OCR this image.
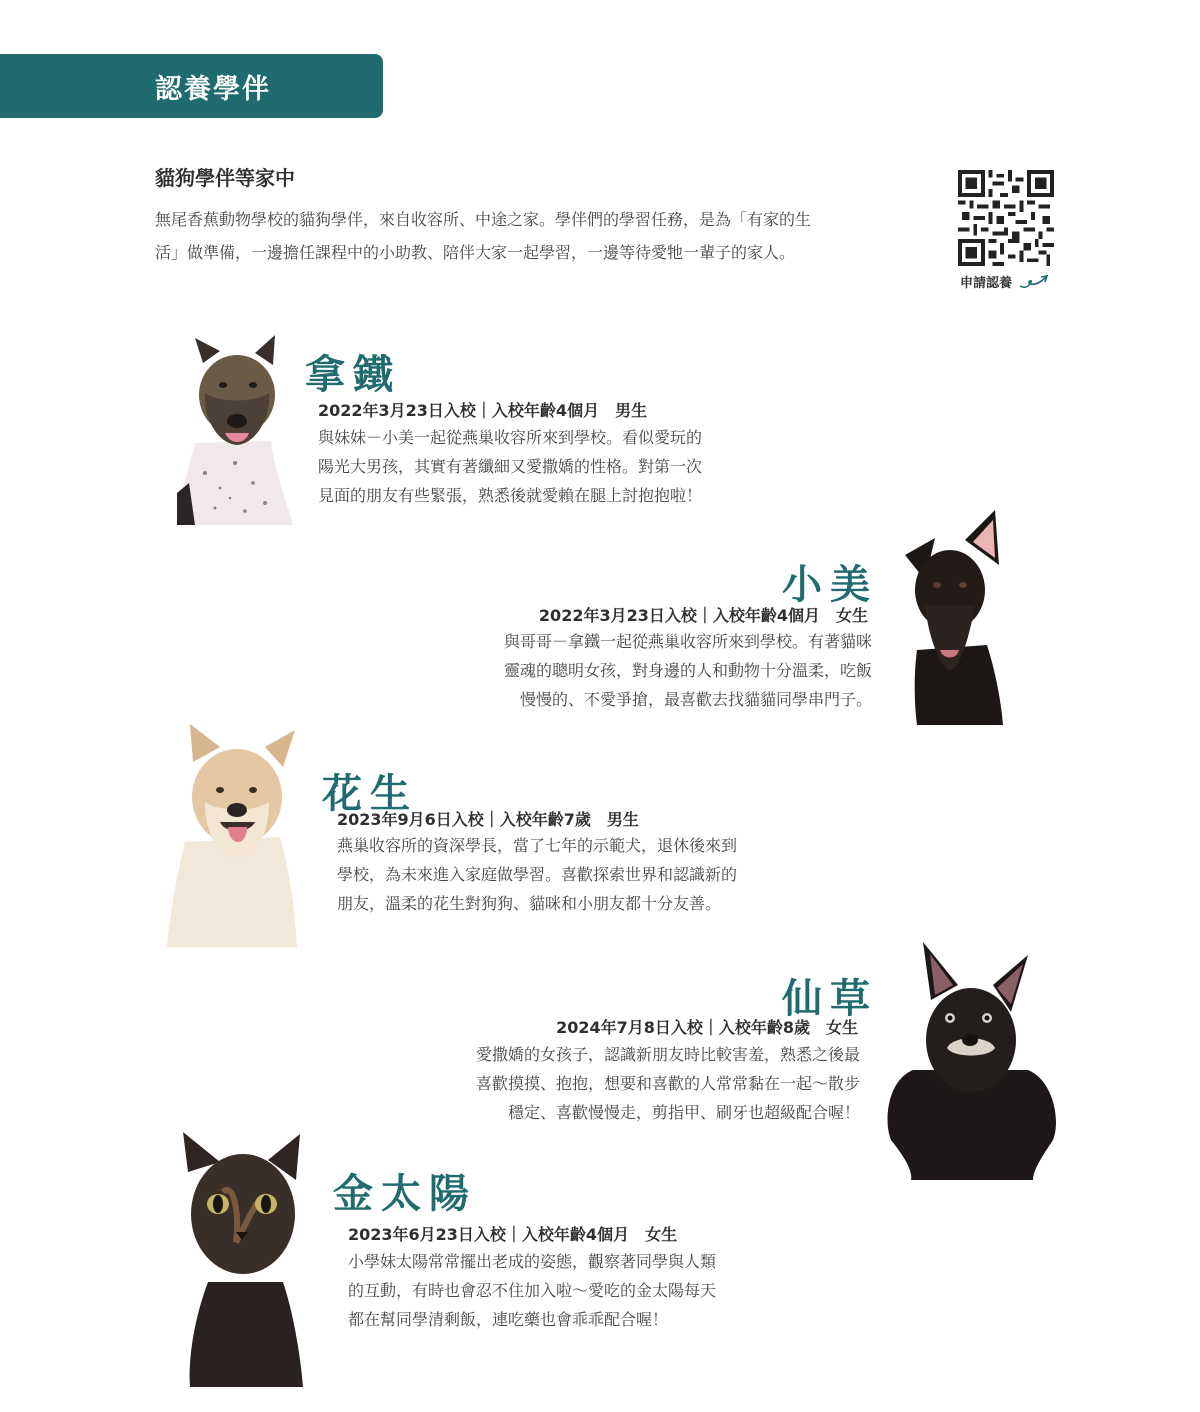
認養學伴
貓狗學伴等家中
無尾香蕉動物學校的貓狗學伴，來自收容所、中途之家。學伴們的學習任務，是為「有家的生
活」做準備，一邊擔任課程中的小助教、陪伴大家一起學習，一邊等待愛牠一輩子的家人。
申請認養
拿鐵
2022年3月23日入校｜入校年齡4個月　男生
與妹妹－小美一起從燕巢收容所來到學校。看似愛玩的
陽光大男孩，其實有著纖細又愛撒嬌的性格。對第一次
見面的朋友有些緊張，熟悉後就愛賴在腿上討抱抱啦！
小美
2022年3月23日入校｜入校年齡4個月　女生
與哥哥－拿鐵一起從燕巢收容所來到學校。有著貓咪
靈魂的聰明女孩，對身邊的人和動物十分溫柔，吃飯
慢慢的、不愛爭搶，最喜歡去找貓貓同學串門子。
花生
2023年9月6日入校｜入校年齡7歲　男生
燕巢收容所的資深學長，當了七年的示範犬，退休後來到
學校，為未來進入家庭做學習。喜歡探索世界和認識新的
朋友，溫柔的花生對狗狗、貓咪和小朋友都十分友善。
仙草
2024年7月8日入校｜入校年齡8歲　女生
愛撒嬌的女孩子，認識新朋友時比較害羞，熟悉之後最
喜歡摸摸、抱抱，想要和喜歡的人常常黏在一起～散步
穩定、喜歡慢慢走，剪指甲、刷牙也超級配合喔！
金太陽
2023年6月23日入校｜入校年齡4個月　女生
小學妹太陽常常擺出老成的姿態，觀察著同學與人類
的互動，有時也會忍不住加入啦～愛吃的金太陽每天
都在幫同學清剩飯，連吃藥也會乖乖配合喔！
